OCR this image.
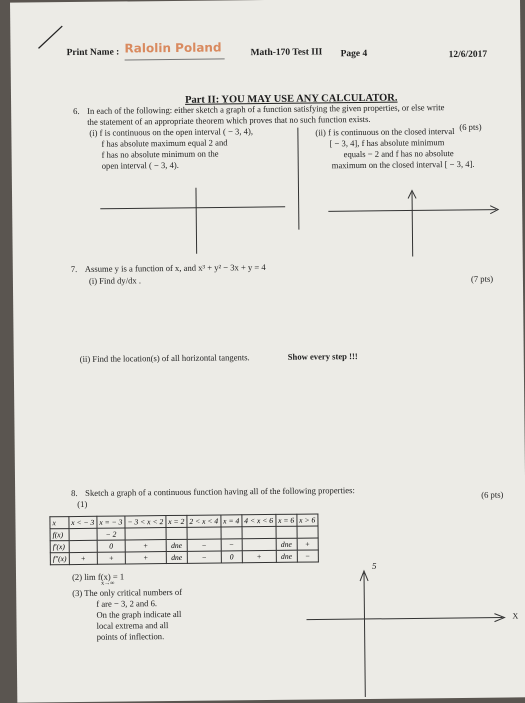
Print Name : Ralolin Poland	Math-170 Test III Page 4	12/6/2017
Part II: YOU MAY USE ANY CALCULATOR.
6. In each of the following: either sketch a graph of a function satisfying the given properties, or else write
the statement of an appropriate theorem which proves that no such function exists.	(6 pts)
(i) f is continuous on the open interval ( − 3, 4),
f has absolute maximum equal 2 and
f has no absolute minimum on the
open interval ( − 3, 4).
(ii) f is continuous on the closed interval
[ − 3, 4], f has absolute minimum
equals − 2 and f has no absolute
maximum on the closed interval [ − 3, 4].
7. Assume y is a function of x, and x³ + y² − 3x + y = 4
(i) Find dy/dx .	(7 pts)
(ii) Find the location(s) of all horizontal tangents.	Show every step !!!
8. Sketch a graph of a continuous function having all of the following properties:	(6 pts)
(1)
x	x < − 3	x = − 3	− 3 < x < 2	x = 2	2 < x < 4	x = 4	4 < x < 6	x = 6	x > 6
f(x)		− 2							
f′(x)		0	+	dne	−	−		dne	+
f″(x)	+	+	+	dne	−	0	+	dne	−
(2) lim f(x) = 1
x→∞
(3) The only critical numbers of
f are − 3, 2 and 6.
On the graph indicate all
local extrema and all
points of inflection.
5
X
